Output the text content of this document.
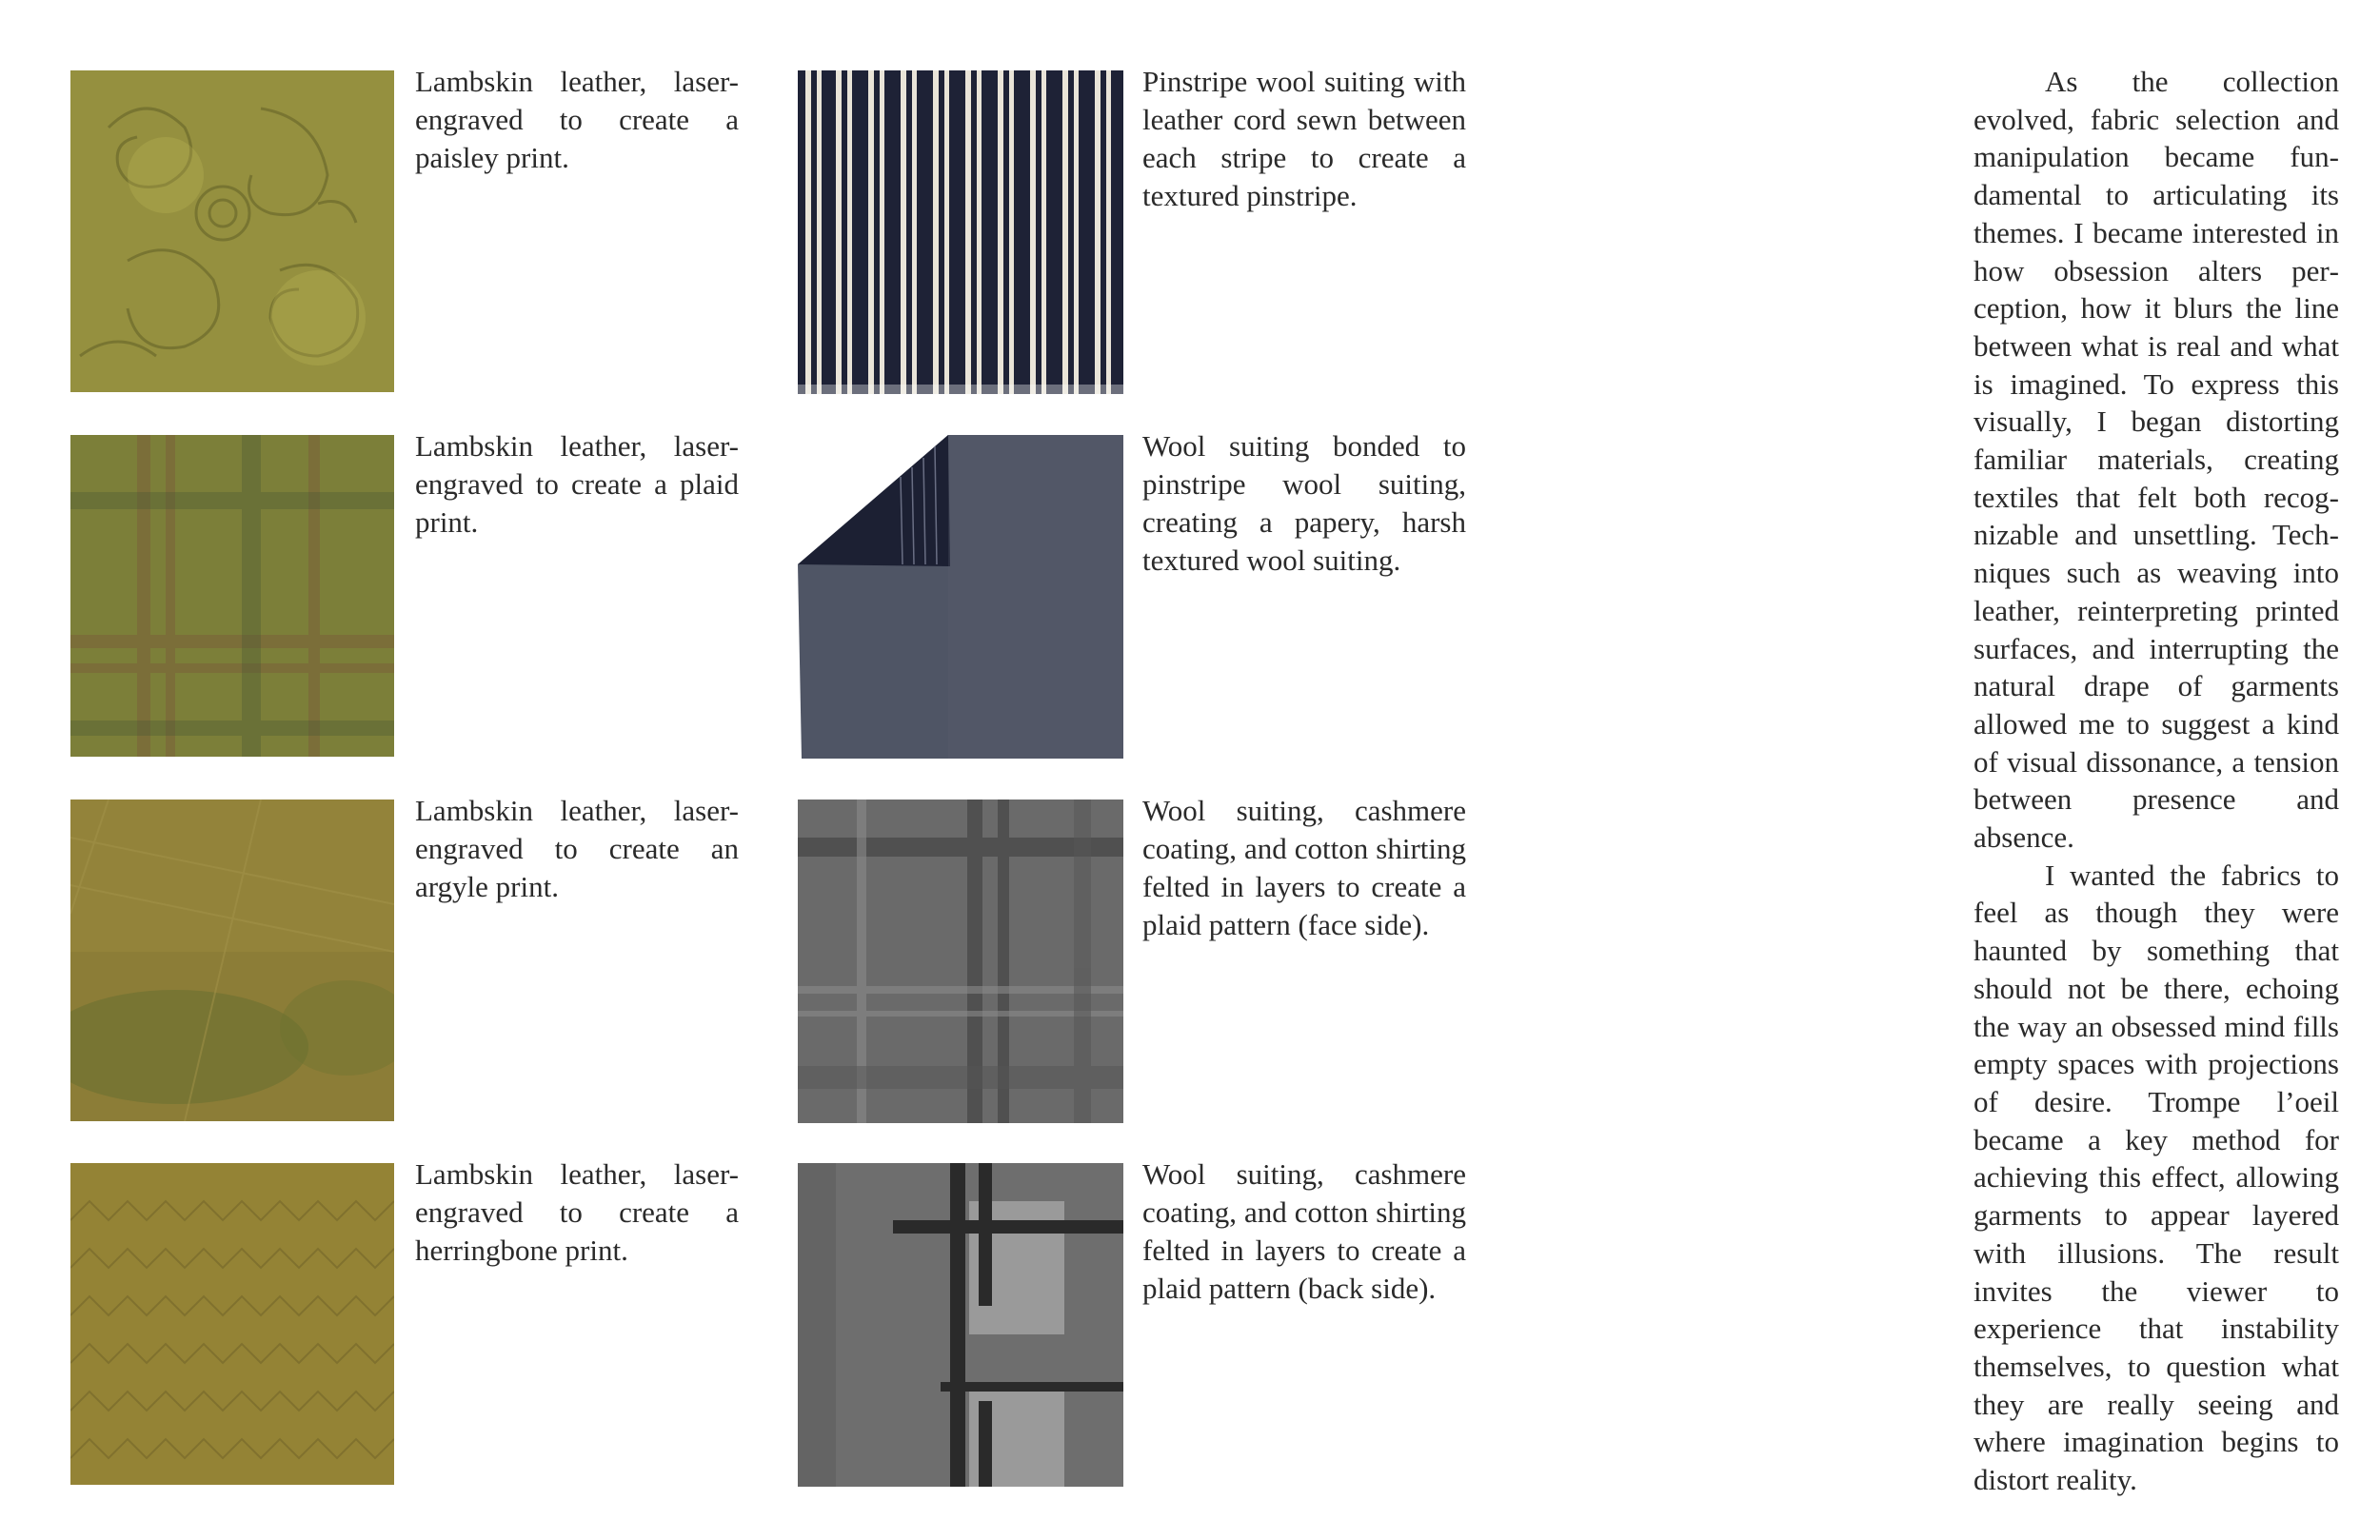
Lambskin leather, laser-engraved to create a paisley print.

Lambskin leather, laser-engraved to create a plaid print.

Lambskin leather, laser-engraved to create an argyle print.

Lambskin leather, laser-engraved to create a herringbone print.

Pinstripe wool suiting with leather cord sewn between each stripe to create a textured pinstripe.

Wool suiting bonded to pinstripe wool suiting, creating a papery, harsh textured wool suiting.

Wool suiting, cashmere coating, and cotton shirting felted in layers to create a plaid pattern (face side).

Wool suiting, cashmere coating, and cotton shirting felted in layers to create a plaid pattern (back side).

As the collection evolved, fabric selection and manipulation became fundamental to articulating its themes. I became interested in how obsession alters perception, how it blurs the line between what is real and what is imagined. To express this visually, I began distorting familiar materials, creating textiles that felt both recognizable and unsettling. Techniques such as weaving into leather, reinterpreting printed surfaces, and interrupting the natural drape of garments allowed me to suggest a kind of visual dissonance, a tension between presence and absence.

I wanted the fabrics to feel as though they were haunted by something that should not be there, echoing the way an obsessed mind fills empty spaces with projections of desire. Trompe l’oeil became a key method for achieving this effect, allowing garments to appear layered with illusions. The result invites the viewer to experience that instability themselves, to question what they are really seeing and where imagination begins to distort reality.
